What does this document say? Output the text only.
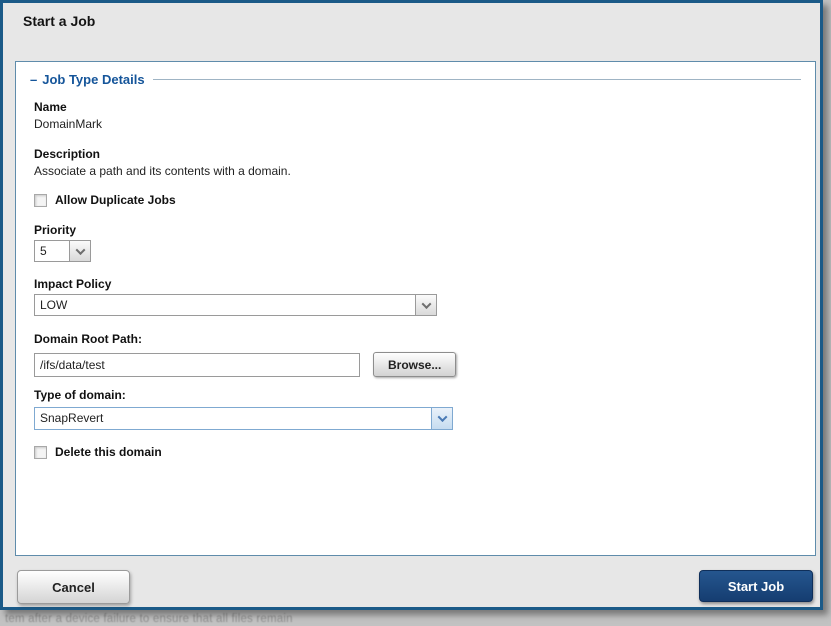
tem after a device failure to ensure that all files remain
Start a Job
– Job Type Details
Name
DomainMark
Description
Associate a path and its contents with a domain.
Allow Duplicate Jobs
Priority
5
Impact Policy
LOW
Domain Root Path:
/ifs/data/test
Browse...
Type of domain:
SnapRevert
Delete this domain
Cancel	Start Job
